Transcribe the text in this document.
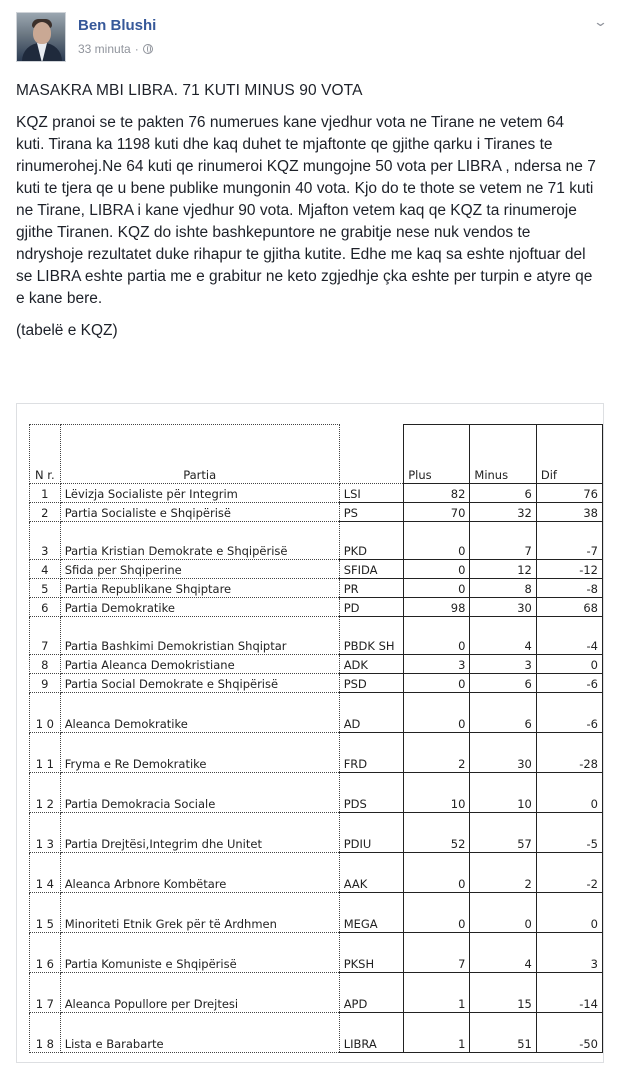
Ben Blushi
33 minuta ·
⌄

MASAKRA MBI LIBRA. 71 KUTI MINUS 90 VOTA

KQZ pranoi se te pakten 76 numerues kane vjedhur vota ne Tirane ne vetem 64 kuti. Tirana ka 1198 kuti dhe kaq duhet te mjaftonte qe gjithe qarku i Tiranes te rinumerohej.Ne 64 kuti qe rinumeroi KQZ mungojne 50 vota per LIBRA , ndersa ne 7 kuti te tjera qe u bene publike mungonin 40 vota. Kjo do te thote se vetem ne 71 kuti ne Tirane, LIBRA i kane vjedhur 90 vota. Mjafton vetem kaq qe KQZ ta rinumeroje gjithe Tiranen. KQZ do ishte bashkepuntore ne grabitje nese nuk vendos te ndryshoje rezultatet duke rihapur te gjitha kutite. Edhe me kaq sa eshte njoftuar del se LIBRA eshte partia me e grabitur ne keto zgjedhje çka eshte per turpin e atyre qe e kane bere.

(tabelë e KQZ)

N r.	Partia		Plus	Minus	Dif
1	Lëvizja Socialiste për Integrim	LSI	82	6	76
2	Partia Socialiste e Shqipërisë	PS	70	32	38
3	Partia Kristian Demokrate e Shqipërisë	PKD	0	7	-7
4	Sfida per Shqiperine	SFIDA	0	12	-12
5	Partia Republikane Shqiptare	PR	0	8	-8
6	Partia Demokratike	PD	98	30	68
7	Partia Bashkimi Demokristian Shqiptar	PBDK SH	0	4	-4
8	Partia Aleanca Demokristiane	ADK	3	3	0
9	Partia Social Demokrate e Shqipërisë	PSD	0	6	-6
1 0	Aleanca Demokratike	AD	0	6	-6
1 1	Fryma e Re Demokratike	FRD	2	30	-28
1 2	Partia Demokracia Sociale	PDS	10	10	0
1 3	Partia Drejtësi,Integrim dhe Unitet	PDIU	52	57	-5
1 4	Aleanca Arbnore Kombëtare	AAK	0	2	-2
1 5	Minoriteti Etnik Grek për të Ardhmen	MEGA	0	0	0
1 6	Partia Komuniste e Shqipërisë	PKSH	7	4	3
1 7	Aleanca Popullore per Drejtesi	APD	1	15	-14
1 8	Lista e Barabarte	LIBRA	1	51	-50
